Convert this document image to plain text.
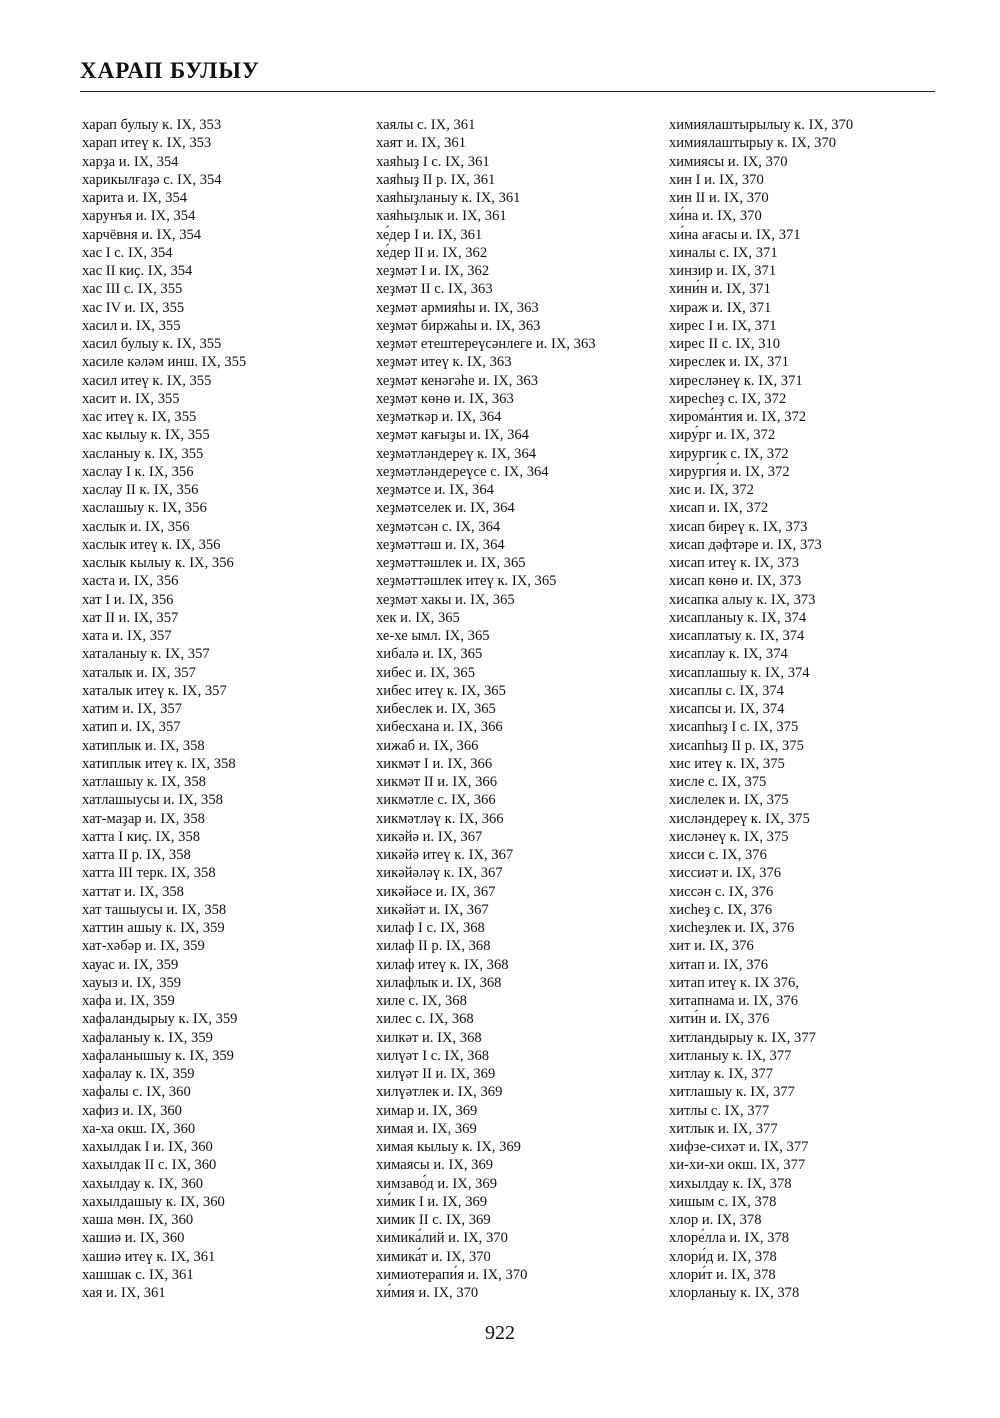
ХАРАП БУЛЫУ
харап булыу к. IX, 353
харап итеү к. IX, 353
харҙа и. IX, 354
харикылғаҙә с. IX, 354
харита и. IX, 354
харунъя и. IX, 354
харчёвня и. IX, 354
хас I с. IX, 354
хас II киҫ. IX, 354
хас III с. IX, 355
хас IV и. IX, 355
хасил и. IX, 355
хасил булыу к. IX, 355
хасиле кәләм инш. IX, 355
хасил итеү к. IX, 355
хасит и. IX, 355
хас итеү к. IX, 355
хас кылыу к. IX, 355
хасланыу к. IX, 355
хаслау I к. IX, 356
хаслау II к. IX, 356
хаслашыу к. IX, 356
хаслык и. IX, 356
хаслык итеү к. IX, 356
хаслык кылыу к. IX, 356
хаста и. IX, 356
хат I и. IX, 356
хат II и. IX, 357
хата и. IX, 357
хаталаныу к. IX, 357
хаталык и. IX, 357
хаталык итеү к. IX, 357
хатим и. IX, 357
хатип и. IX, 357
хатиплык и. IX, 358
хатиплык итеү к. IX, 358
хатлашыу к. IX, 358
хатлашыусы и. IX, 358
хат-маҙар и. IX, 358
хатта I киҫ. IX, 358
хатта II р. IX, 358
хатта III терк. IX, 358
хаттат и. IX, 358
хат ташыусы и. IX, 358
хаттин ашыу к. IX, 359
хат-хәбәр и. IX, 359
хауас и. IX, 359
хауыз и. IX, 359
хафа и. IX, 359
хафаландырыу к. IX, 359
хафаланыу к. IX, 359
хафаланышыу к. IX, 359
хафалау к. IX, 359
хафалы с. IX, 360
хафиз и. IX, 360
ха-ха окш. IX, 360
хахылдак I и. IX, 360
хахылдак II с. IX, 360
хахылдау к. IX, 360
хахылдашыу к. IX, 360
хаша мөн. IX, 360
хашиә и. IX, 360
хашиә итеү к. IX, 361
хашшак с. IX, 361
хая и. IX, 361
хаялы с. IX, 361
хаят и. IX, 361
хаяһыҙ I с. IX, 361
хаяһыҙ II р. IX, 361
хаяһыҙланыу к. IX, 361
хаяһыҙлык и. IX, 361
хе́дер I и. IX, 361
хе́дер II и. IX, 362
хеҙмәт I и. IX, 362
хеҙмәт II с. IX, 363
хеҙмәт армияһы и. IX, 363
хеҙмәт биржаһы и. IX, 363
хеҙмәт етештереүсәнлеге и. IX, 363
хеҙмәт итеү к. IX, 363
хеҙмәт кенәгәһе и. IX, 363
хеҙмәт көнө и. IX, 363
хеҙмәткәр и. IX, 364
хеҙмәт кағыҙы и. IX, 364
хеҙмәтләндереү к. IX, 364
хеҙмәтләндереүсе с. IX, 364
хеҙмәтсе и. IX, 364
хеҙмәтселек и. IX, 364
хеҙмәтсән с. IX, 364
хеҙмәттәш и. IX, 364
хеҙмәттәшлек и. IX, 365
хеҙмәттәшлек итеү к. IX, 365
хеҙмәт хакы и. IX, 365
хек и. IX, 365
хе-хе ымл. IX, 365
хибалә и. IX, 365
хибес и. IX, 365
хибес итеү к. IX, 365
хибеслек и. IX, 365
хибесхана и. IX, 366
хижаб и. IX, 366
хикмәт I и. IX, 366
хикмәт II и. IX, 366
хикмәтле с. IX, 366
хикмәтләү к. IX, 366
хикәйә и. IX, 367
хикәйә итеү к. IX, 367
хикәйәләү к. IX, 367
хикәйәсе и. IX, 367
хикәйәт и. IX, 367
хилаф I с. IX, 368
хилаф II р. IX, 368
хилаф итеү к. IX, 368
хилафлык и. IX, 368
хиле с. IX, 368
хилес с. IX, 368
хилкәт и. IX, 368
хилүәт I с. IX, 368
хилүәт II и. IX, 369
хилүәтлек и. IX, 369
химар и. IX, 369
химая и. IX, 369
химая кылыу к. IX, 369
химаясы и. IX, 369
химзаво́д и. IX, 369
хи́мик I и. IX, 369
химик II с. IX, 369
химика́лий и. IX, 370
химика́т и. IX, 370
химиотерапи́я и. IX, 370
хи́мия и. IX, 370
химиялаштырылыу к. IX, 370
химиялаштырыу к. IX, 370
химиясы и. IX, 370
хин I и. IX, 370
хин II и. IX, 370
хи́на и. IX, 370
хи́на ағасы и. IX, 371
хиналы с. IX, 371
хинзир и. IX, 371
хини́н и. IX, 371
хираж и. IX, 371
хирес I и. IX, 371
хирес II с. IX, 310
хиреслек и. IX, 371
хиресләнеү к. IX, 371
хиресһеҙ с. IX, 372
хирома́нтия и. IX, 372
хиру́рг и. IX, 372
хирургик с. IX, 372
хирурги́я и. IX, 372
хис и. IX, 372
хисап и. IX, 372
хисап биреү к. IX, 373
хисап дәфтәре и. IX, 373
хисап итеү к. IX, 373
хисап көнө и. IX, 373
хисапка алыу к. IX, 373
хисапланыу к. IX, 374
хисаплатыу к. IX, 374
хисаплау к. IX, 374
хисаплашыу к. IX, 374
хисаплы с. IX, 374
хисапсы и. IX, 374
хисапһыҙ I с. IX, 375
хисапһыҙ II р. IX, 375
хис итеү к. IX, 375
хисле с. IX, 375
хислелек и. IX, 375
хисләндереү к. IX, 375
хисләнеү к. IX, 375
хисси с. IX, 376
хиссиәт и. IX, 376
хиссән с. IX, 376
хисһеҙ с. IX, 376
хисһеҙлек и. IX, 376
хит и. IX, 376
хитап и. IX, 376
хитап итеү к. IX 376,
хитапнама и. IX, 376
хити́н и. IX, 376
хитландырыу к. IX, 377
хитланыу к. IX, 377
хитлау к. IX, 377
хитлашыу к. IX, 377
хитлы с. IX, 377
хитлык и. IX, 377
хифзе-сихәт и. IX, 377
хи-хи-хи окш. IX, 377
хихылдау к. IX, 378
хишым с. IX, 378
хлор и. IX, 378
хлоре́лла и. IX, 378
хлори́д и. IX, 378
хлори́т и. IX, 378
хлорланыу к. IX, 378
922
